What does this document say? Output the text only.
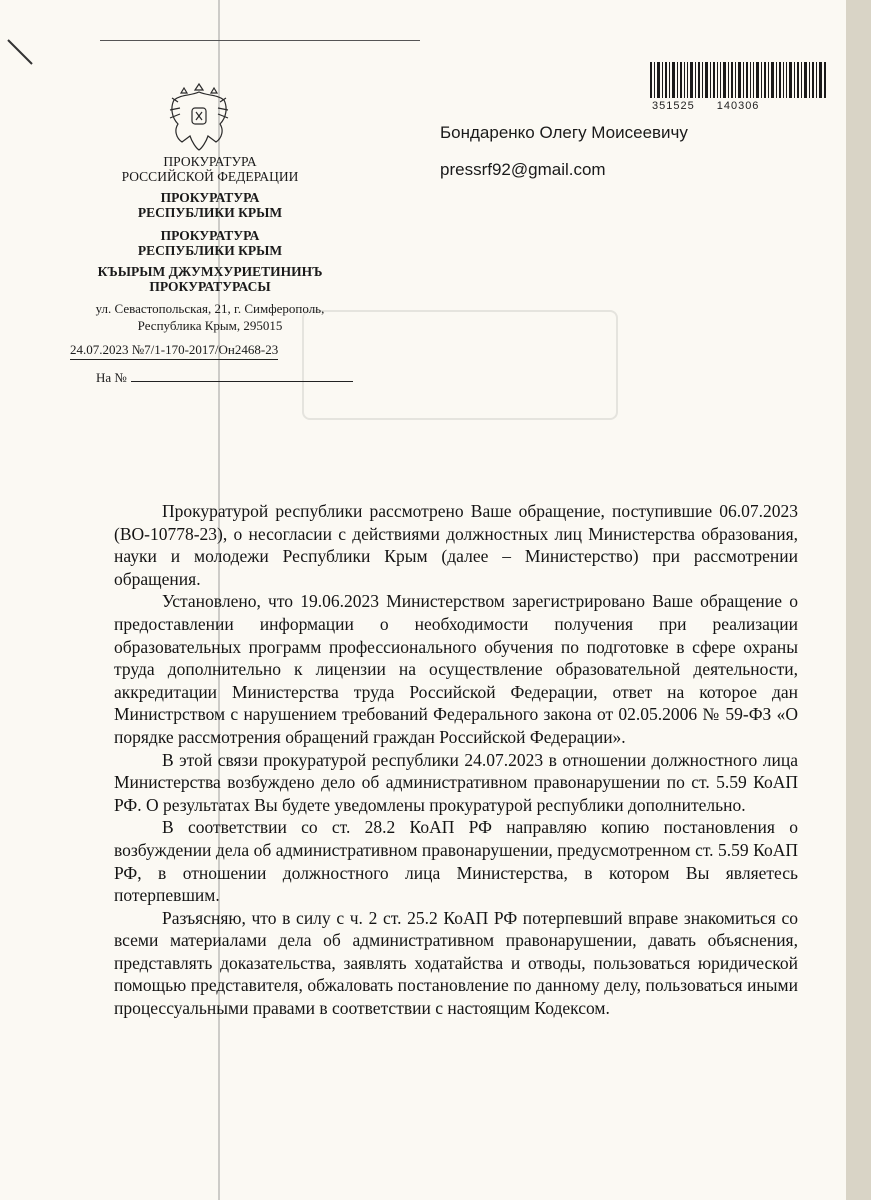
ПРОКУРАТУРА
РОССИЙСКОЙ ФЕДЕРАЦИИ
ПРОКУРАТУРА
РЕСПУБЛИКИ КРЫМ
ПРОКУРАТУРА
РЕСПУБЛИКИ КРЫМ
КЪЫРЫМ ДЖУМХУРИЕТИНИНЪ
ПРОКУРАТУРАСЫ
ул. Севастопольская, 21, г. Симферополь,
Республика Крым, 295015
24.07.2023 №7/1-170-2017/Он2468-23
На №
351525 140306
Бондаренко Олегу Моисеевичу
pressrf92@gmail.com

Прокуратурой республики рассмотрено Ваше обращение, поступившие 06.07.2023 (ВО-10778-23), о несогласии с действиями должностных лиц Министерства образования, науки и молодежи Республики Крым (далее – Министерство) при рассмотрении обращения.

Установлено, что 19.06.2023 Министерством зарегистрировано Ваше обращение о предоставлении информации о необходимости получения при реализации образовательных программ профессионального обучения по подготовке в сфере охраны труда дополнительно к лицензии на осуществление образовательной деятельности, аккредитации Министерства труда Российской Федерации, ответ на которое дан Министрством с нарушением требований Федерального закона от 02.05.2006 № 59-ФЗ «О порядке рассмотрения обращений граждан Российской Федерации».

В этой связи прокуратурой республики 24.07.2023 в отношении должностного лица Министерства возбуждено дело об административном правонарушении по ст. 5.59 КоАП РФ. О результатах Вы будете уведомлены прокуратурой республики дополнительно.

В соответствии со ст. 28.2 КоАП РФ направляю копию постановления о возбуждении дела об административном правонарушении, предусмотренном ст. 5.59 КоАП РФ, в отношении должностного лица Министерства, в котором Вы являетесь потерпевшим.

Разъясняю, что в силу с ч. 2 ст. 25.2 КоАП РФ потерпевший вправе знакомиться со всеми материалами дела об административном правонарушении, давать объяснения, представлять доказательства, заявлять ходатайства и отводы, пользоваться юридической помощью представителя, обжаловать постановление по данному делу, пользоваться иными процессуальными правами в соответствии с настоящим Кодексом.
